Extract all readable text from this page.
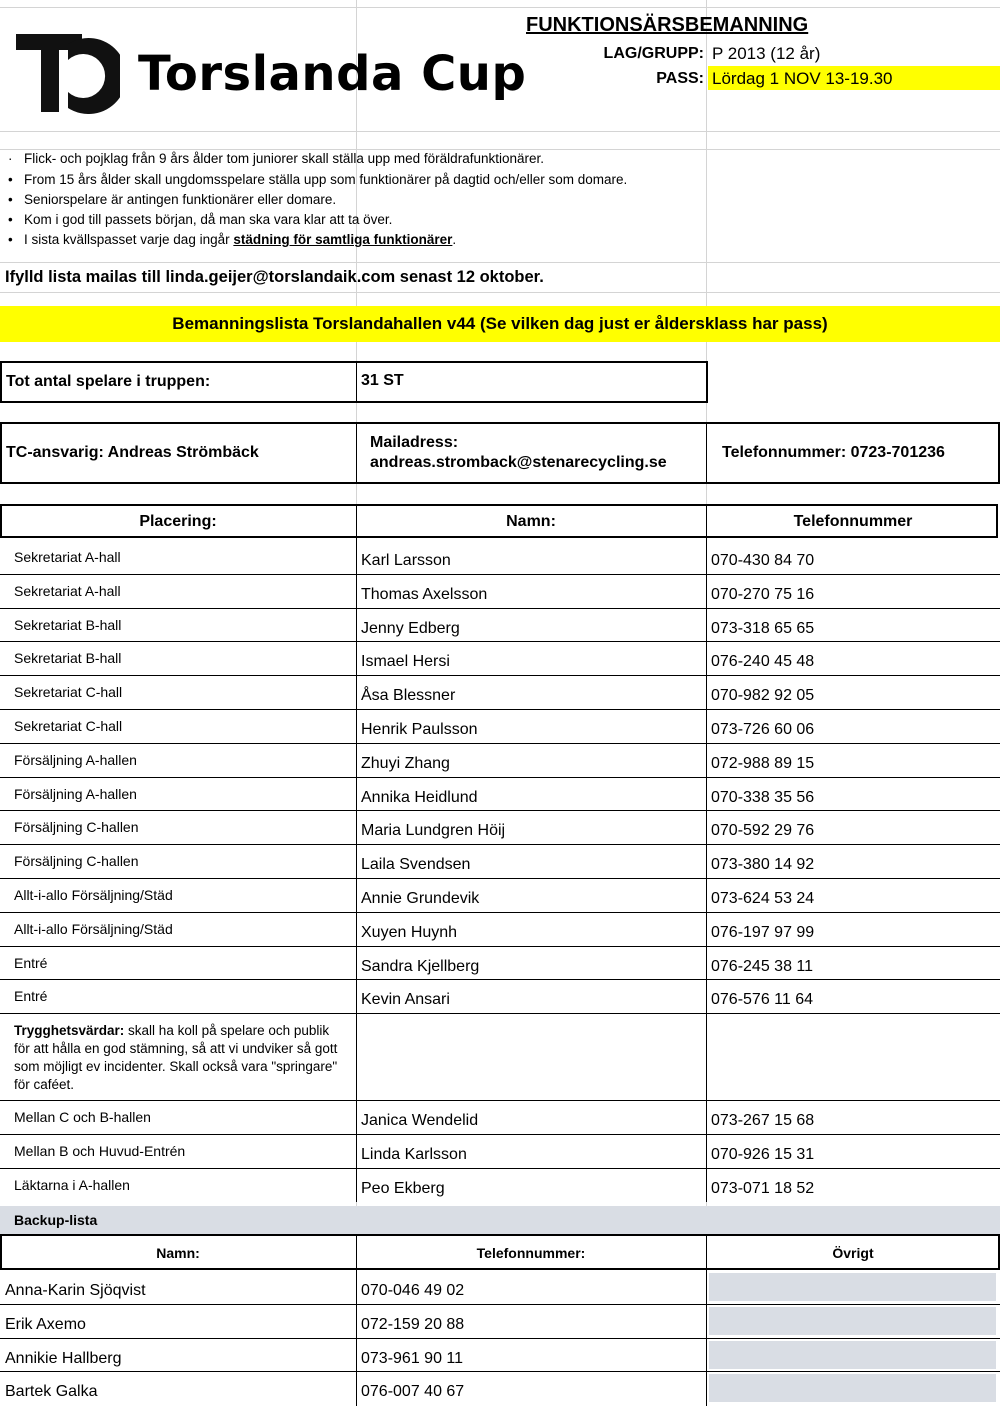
Torslanda Cup
FUNKTIONSÄRSBEMANNING
LAG/GRUPP: P 2013 (12 år)
PASS: Lördag 1 NOV 13-19.30
· Flick- och pojklag från 9 års ålder tom juniorer skall ställa upp med föräldrafunktionärer.
• From 15 års ålder skall ungdomsspelare ställa upp som funktionärer på dagtid och/eller som domare.
• Seniorspelare är antingen funktionärer eller domare.
• Kom i god till passets början, då man ska vara klar att ta över.
• I sista kvällspasset varje dag ingår städning för samtliga funktionärer.
Ifylld lista mailas till linda.geijer@torslandaik.com senast 12 oktober.
Bemanningslista Torslandahallen v44 (Se vilken dag just er åldersklass har pass)
Tot antal spelare i truppen:	31 ST
TC-ansvarig: Andreas Strömbäck
Mailadress:
andreas.stromback@stenarecycling.se
Telefonnummer: 0723-701236
Placering:	Namn:	Telefonnummer
Sekretariat A-hall	Karl Larsson	070-430 84 70
Sekretariat A-hall	Thomas Axelsson	070-270 75 16
Sekretariat B-hall	Jenny Edberg	073-318 65 65
Sekretariat B-hall	Ismael Hersi	076-240 45 48
Sekretariat C-hall	Åsa Blessner	070-982 92 05
Sekretariat C-hall	Henrik Paulsson	073-726 60 06
Försäljning A-hallen	Zhuyi Zhang	072-988 89 15
Försäljning A-hallen	Annika Heidlund	070-338 35 56
Försäljning C-hallen	Maria Lundgren Höij	070-592 29 76
Försäljning C-hallen	Laila Svendsen	073-380 14 92
Allt-i-allo Försäljning/Städ	Annie Grundevik	073-624 53 24
Allt-i-allo Försäljning/Städ	Xuyen Huynh	076-197 97 99
Entré	Sandra Kjellberg	076-245 38 11
Entré	Kevin Ansari	076-576 11 64
Mellan C och B-hallen	Janica Wendelid	073-267 15 68
Mellan B och Huvud-Entrén	Linda Karlsson	070-926 15 31
Läktarna i A-hallen	Peo Ekberg	073-071 18 52
Trygghetsvärdar: skall ha koll på spelare och publik för att hålla en god stämning, så att vi undviker så gott som möjligt ev incidenter. Skall också vara "springare" för caféet.
Backup-lista
Namn:	Telefonnummer:	Övrigt
Anna-Karin Sjöqvist	070-046 49 02
Erik Axemo	072-159 20 88
Annikie Hallberg	073-961 90 11
Bartek Galka	076-007 40 67
